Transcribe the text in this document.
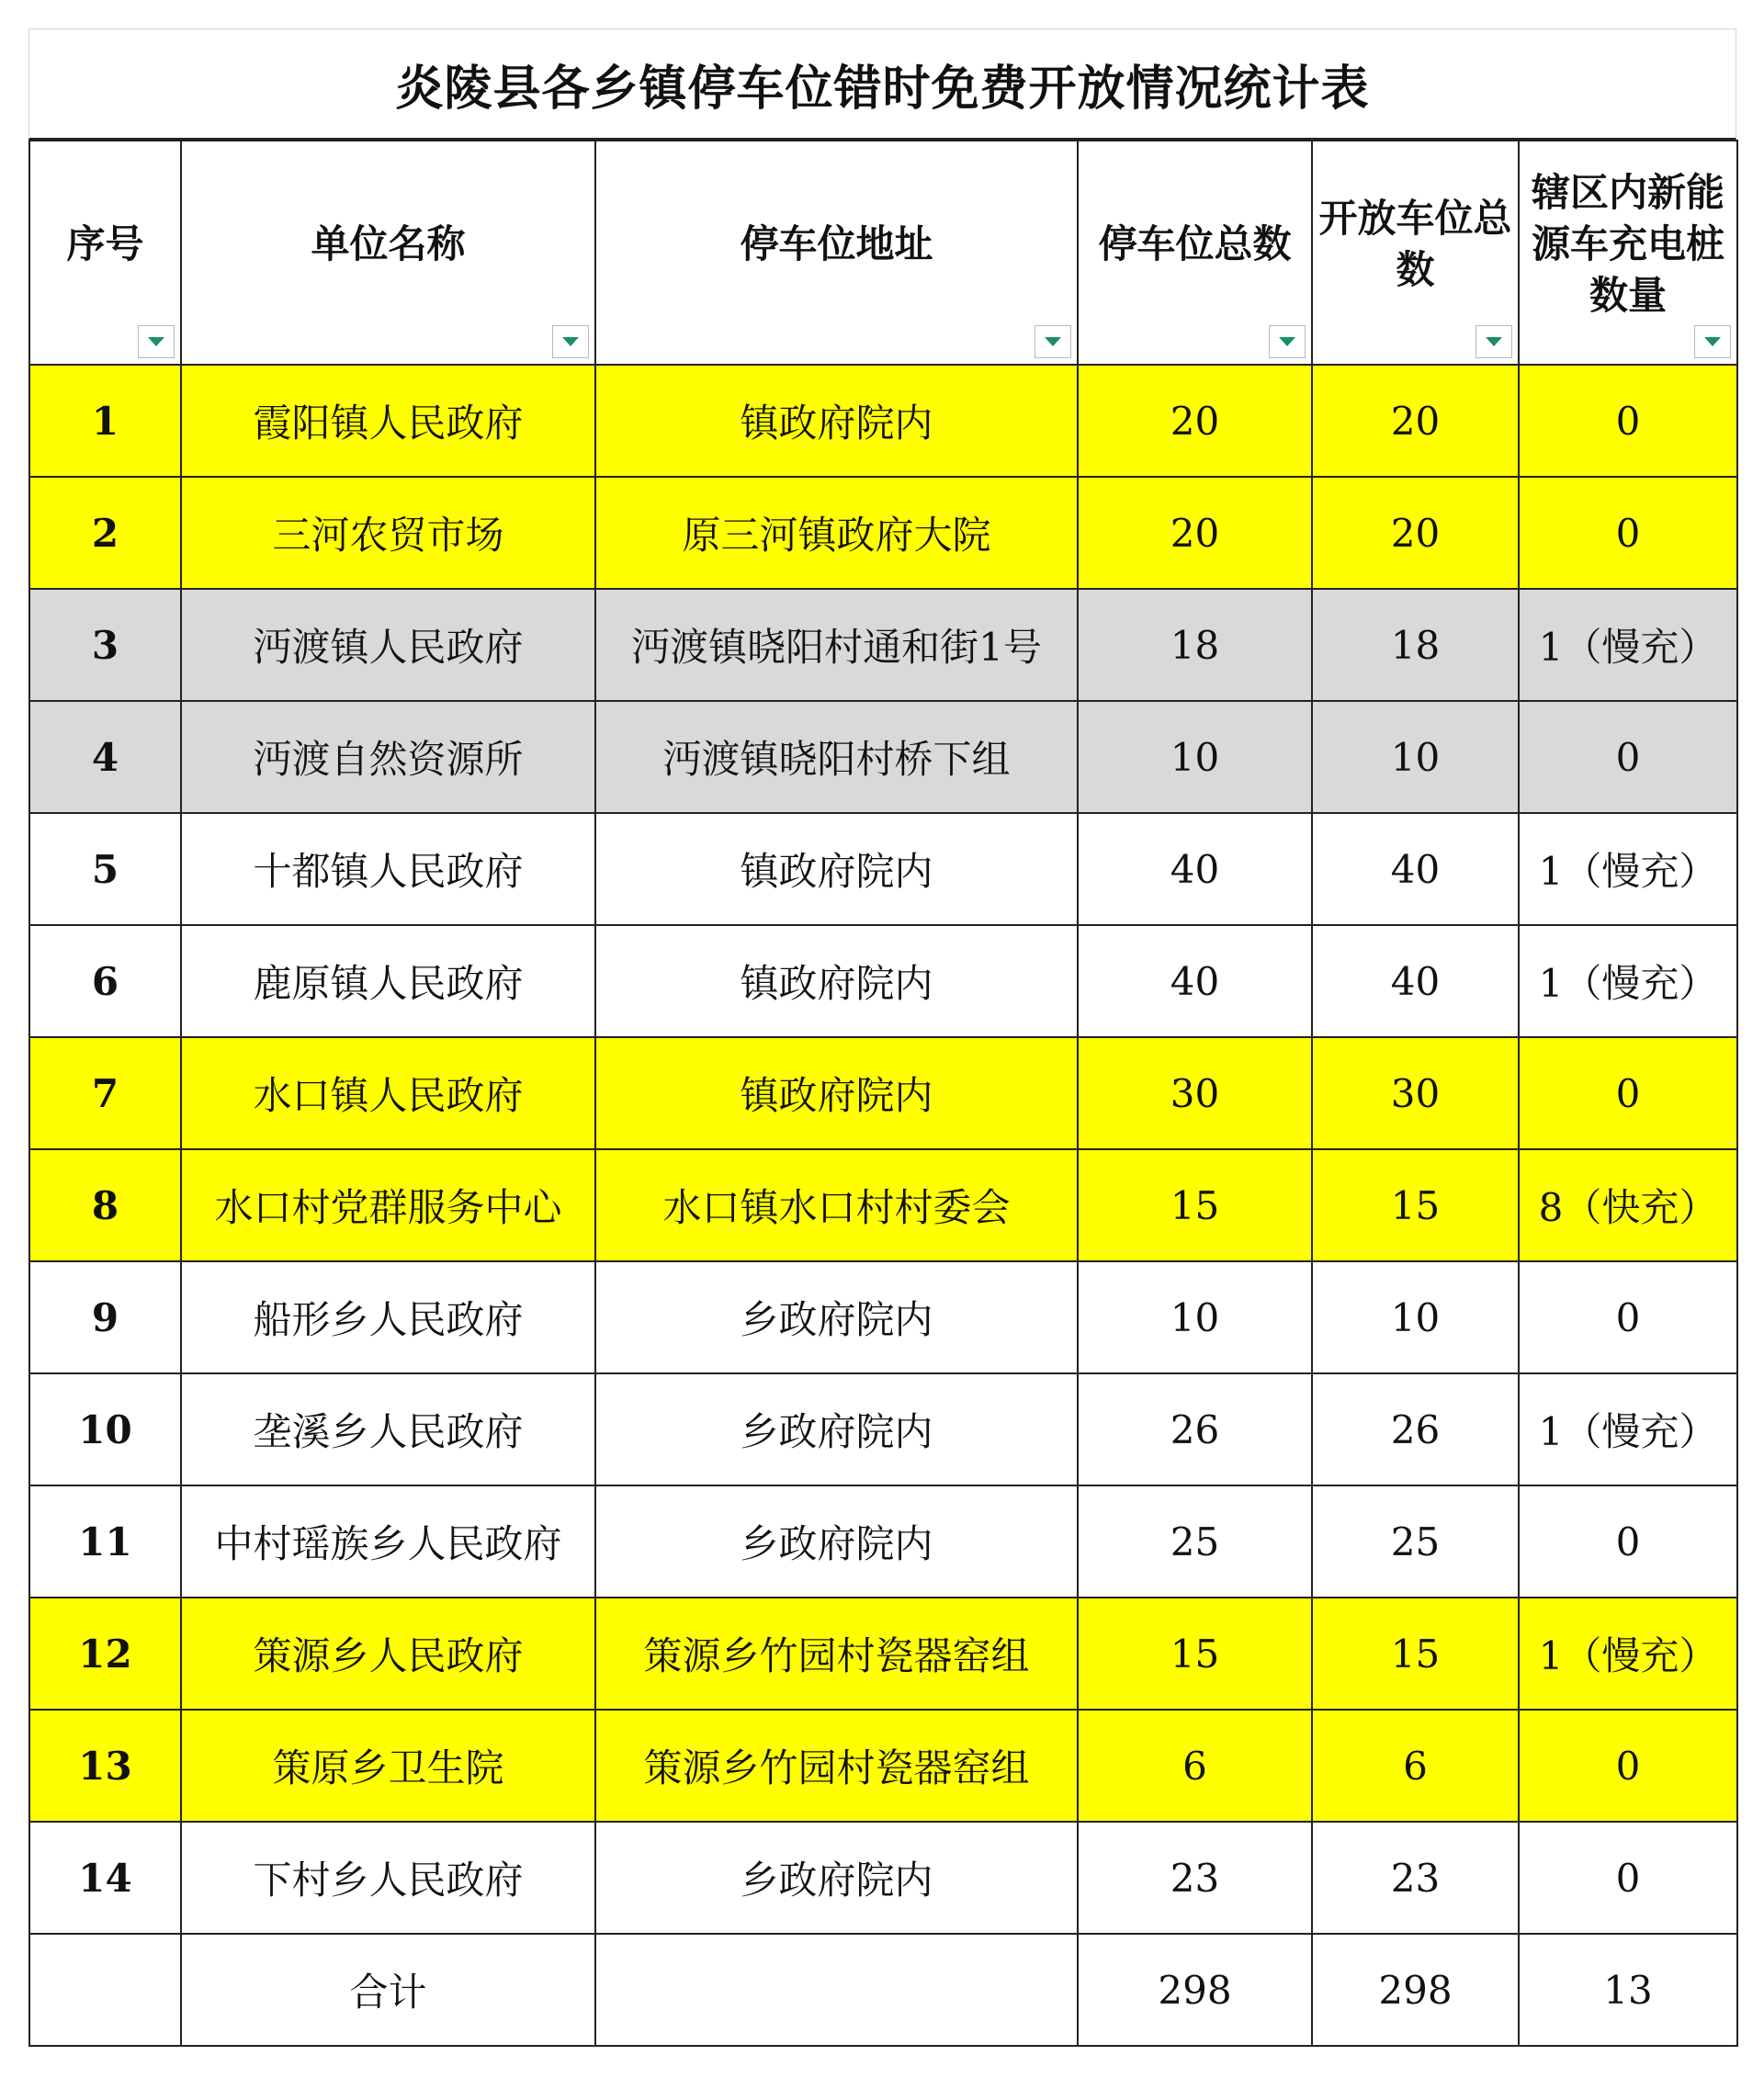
炎陵县各乡镇停车位错时免费开放情况统计表
序号	单位名称	停车位地址	停车位总数	开放车位总数	辖区内新能源车充电桩数量

1	霞阳镇人民政府	镇政府院内	20	20	0
2	三河农贸市场	原三河镇政府大院	20	20	0
3	沔渡镇人民政府	沔渡镇晓阳村通和街1号	18	18	1（慢充）
4	沔渡自然资源所	沔渡镇晓阳村桥下组	10	10	0
5	十都镇人民政府	镇政府院内	40	40	1（慢充）
6	鹿原镇人民政府	镇政府院内	40	40	1（慢充）
7	水口镇人民政府	镇政府院内	30	30	0
8	水口村党群服务中心	水口镇水口村村委会	15	15	8（快充）
9	船形乡人民政府	乡政府院内	10	10	0
10	垄溪乡人民政府	乡政府院内	26	26	1（慢充）
11	中村瑶族乡人民政府	乡政府院内	25	25	0
12	策源乡人民政府	策源乡竹园村瓷器窑组	15	15	1（慢充）
13	策原乡卫生院	策源乡竹园村瓷器窑组	6	6	0
14	下村乡人民政府	乡政府院内	23	23	0
	合计		298	298	13
